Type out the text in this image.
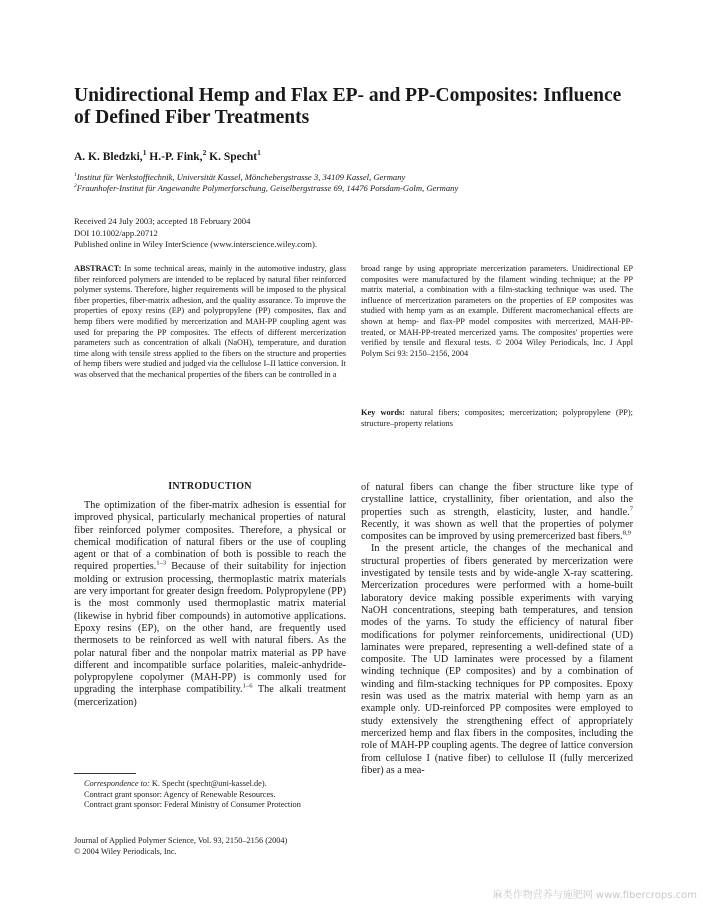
Unidirectional Hemp and Flax EP- and PP-Composites: Influence of Defined Fiber Treatments
A. K. Bledzki,$^1$ H.-P. Fink,$^2$ K. Specht$^1$
$^1$Institut für Werkstofftechnik, Universität Kassel, Mönchebergstrasse 3, 34109 Kassel, Germany
$^2$Fraunhofer-Institut für Angewandte Polymerforschung, Geiselbergstrasse 69, 14476 Potsdam-Golm, Germany
Received 24 July 2003; accepted 18 February 2004
DOI 10.1002/app.20712
Published online in Wiley InterScience (www.interscience.wiley.com).

ABSTRACT: In some technical areas, mainly in the automotive industry, glass fiber reinforced polymers are intended to be replaced by natural fiber reinforced polymer systems. Therefore, higher requirements will be imposed to the physical fiber properties, fiber-matrix adhesion, and the quality assurance. To improve the properties of epoxy resins (EP) and polypropylene (PP) composites, flax and hemp fibers were modified by mercerization and MAH-PP coupling agent was used for preparing the PP composites. The effects of different mercerization parameters such as concentration of alkali (NaOH), temperature, and duration time along with tensile stress applied to the fibers on the structure and properties of hemp fibers were studied and judged via the cellulose I–II lattice conversion. It was observed that the mechanical properties of the fibers can be controlled in a

broad range by using appropriate mercerization parameters. Unidirectional EP composites were manufactured by the filament winding technique; at the PP matrix material, a combination with a film-stacking technique was used. The influence of mercerization parameters on the properties of EP composites was studied with hemp yarn as an example. Different macromechanical effects are shown at hemp- and flax-PP model composites with mercerized, MAH-PP-treated, or MAH-PP-treated mercerized yarns. The composites' properties were verified by tensile and flexural tests. © 2004 Wiley Periodicals, Inc. J Appl Polym Sci 93: 2150–2156, 2004

Key words: natural fibers; composites; mercerization; polypropylene (PP); structure–property relations

INTRODUCTION

The optimization of the fiber-matrix adhesion is essential for improved physical, particularly mechanical properties of natural fiber reinforced polymer composites. Therefore, a physical or chemical modification of natural fibers or the use of coupling agent or that of a combination of both is possible to reach the required properties.$^{1-3}$ Because of their suitability for injection molding or extrusion processing, thermoplastic matrix materials are very important for greater design freedom. Polypropylene (PP) is the most commonly used thermoplastic matrix material (likewise in hybrid fiber compounds) in automotive applications. Epoxy resins (EP), on the other hand, are frequently used thermosets to be reinforced as well with natural fibers. As the polar natural fiber and the nonpolar matrix material as PP have different and incompatible surface polarities, maleic-anhydride-polypropylene copolymer (MAH-PP) is commonly used for upgrading the interphase compatibility.$^{1-6}$ The alkali treatment (mercerization)

of natural fibers can change the fiber structure like type of crystalline lattice, crystallinity, fiber orientation, and also the properties such as strength, elasticity, luster, and handle.$^7$ Recently, it was shown as well that the properties of polymer composites can be improved by using premercerized bast fibers.$^{8,9}$

In the present article, the changes of the mechanical and structural properties of fibers generated by mercerization were investigated by tensile tests and by wide-angle X-ray scattering. Mercerization procedures were performed with a home-built laboratory device making possible experiments with varying NaOH concentrations, steeping bath temperatures, and tension modes of the yarns. To study the efficiency of natural fiber modifications for polymer reinforcements, unidirectional (UD) laminates were prepared, representing a well-defined state of a composite. The UD laminates were processed by a filament winding technique (EP composites) and by a combination of winding and film-stacking techniques for PP composites. Epoxy resin was used as the matrix material with hemp yarn as an example only. UD-reinforced PP composites were employed to study extensively the strengthening effect of appropriately mercerized hemp and flax fibers in the composites, including the role of MAH-PP coupling agents. The degree of lattice conversion from cellulose I (native fiber) to cellulose II (fully mercerized fiber) as a mea-

Correspondence to: K. Specht (specht@uni-kassel.de).
Contract grant sponsor: Agency of Renewable Resources.
Contract grant sponsor: Federal Ministry of Consumer Protection
Journal of Applied Polymer Science, Vol. 93, 2150–2156 (2004)
© 2004 Wiley Periodicals, Inc.
麻类作物营养与施肥网 www.fibercrops.com
